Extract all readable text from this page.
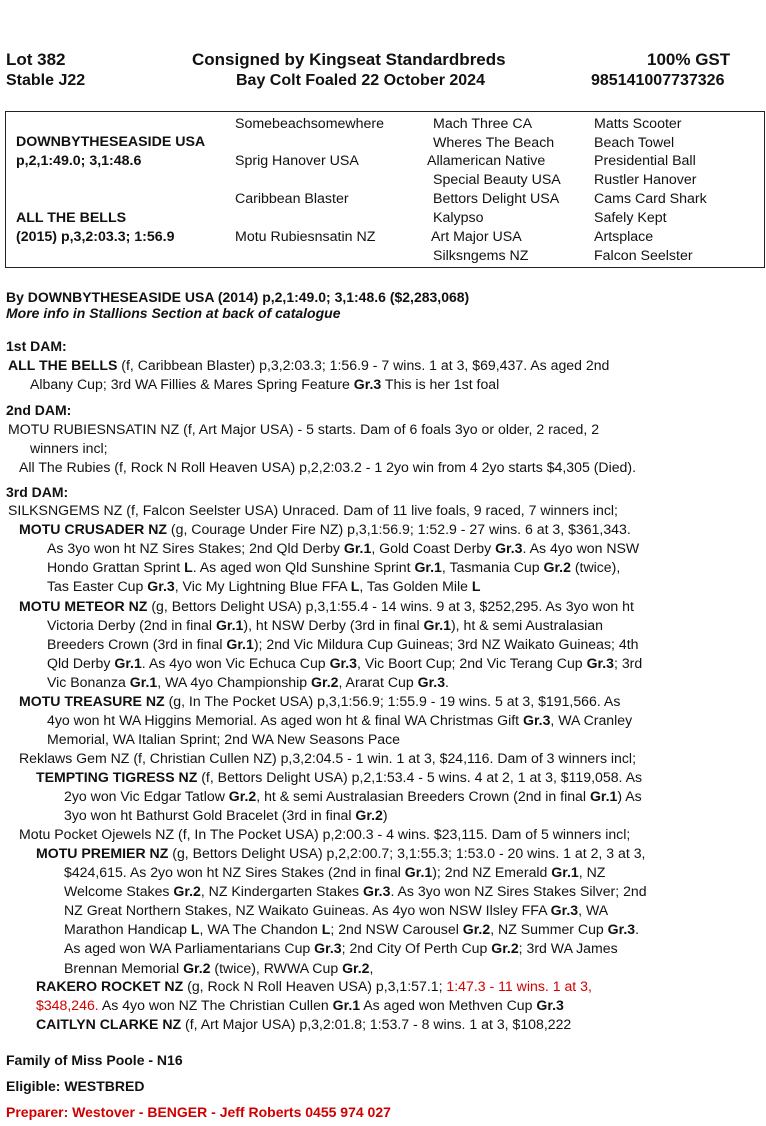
Lot 382
Stable J22
Consigned by Kingseat Standardbreds
Bay Colt Foaled 22 October 2024
100% GST
985141007737326
DOWNBYTHESEASIDE USA
p,2,1:49.0; 3,1:48.6
ALL THE BELLS
(2015) p,3,2:03.3; 1:56.9
Somebeachsomewhere
Sprig Hanover USA
Caribbean Blaster
Motu Rubiesnsatin NZ
Mach Three CA
Wheres The Beach
Allamerican Native
Special Beauty USA
Bettors Delight USA
Kalypso
Art Major USA
Silksngems NZ
Matts Scooter
Beach Towel
Presidential Ball
Rustler Hanover
Cams Card Shark
Safely Kept
Artsplace
Falcon Seelster
By DOWNBYTHESEASIDE USA (2014) p,2,1:49.0; 3,1:48.6 ($2,283,068)
More info in Stallions Section at back of catalogue
1st DAM:
ALL THE BELLS (f, Caribbean Blaster) p,3,2:03.3; 1:56.9 - 7 wins. 1 at 3, $69,437. As aged 2nd
Albany Cup; 3rd WA Fillies & Mares Spring Feature Gr.3 This is her 1st foal
2nd DAM:
MOTU RUBIESNSATIN NZ (f, Art Major USA) - 5 starts. Dam of 6 foals 3yo or older, 2 raced, 2
winners incl;
All The Rubies (f, Rock N Roll Heaven USA) p,2,2:03.2 - 1 2yo win from 4 2yo starts $4,305 (Died).
3rd DAM:
SILKSNGEMS NZ (f, Falcon Seelster USA) Unraced. Dam of 11 live foals, 9 raced, 7 winners incl;
MOTU CRUSADER NZ (g, Courage Under Fire NZ) p,3,1:56.9; 1:52.9 - 27 wins. 6 at 3, $361,343.
As 3yo won ht NZ Sires Stakes; 2nd Qld Derby Gr.1, Gold Coast Derby Gr.3. As 4yo won NSW
Hondo Grattan Sprint L. As aged won Qld Sunshine Sprint Gr.1, Tasmania Cup Gr.2 (twice),
Tas Easter Cup Gr.3, Vic My Lightning Blue FFA L, Tas Golden Mile L
MOTU METEOR NZ (g, Bettors Delight USA) p,3,1:55.4 - 14 wins. 9 at 3, $252,295. As 3yo won ht
Victoria Derby (2nd in final Gr.1), ht NSW Derby (3rd in final Gr.1), ht & semi Australasian
Breeders Crown (3rd in final Gr.1); 2nd Vic Mildura Cup Guineas; 3rd NZ Waikato Guineas; 4th
Qld Derby Gr.1. As 4yo won Vic Echuca Cup Gr.3, Vic Boort Cup; 2nd Vic Terang Cup Gr.3; 3rd
Vic Bonanza Gr.1, WA 4yo Championship Gr.2, Ararat Cup Gr.3.
MOTU TREASURE NZ (g, In The Pocket USA) p,3,1:56.9; 1:55.9 - 19 wins. 5 at 3, $191,566. As
4yo won ht WA Higgins Memorial. As aged won ht & final WA Christmas Gift Gr.3, WA Cranley
Memorial, WA Italian Sprint; 2nd WA New Seasons Pace
Reklaws Gem NZ (f, Christian Cullen NZ) p,3,2:04.5 - 1 win. 1 at 3, $24,116. Dam of 3 winners incl;
TEMPTING TIGRESS NZ (f, Bettors Delight USA) p,2,1:53.4 - 5 wins. 4 at 2, 1 at 3, $119,058. As
2yo won Vic Edgar Tatlow Gr.2, ht & semi Australasian Breeders Crown (2nd in final Gr.1) As
3yo won ht Bathurst Gold Bracelet (3rd in final Gr.2)
Motu Pocket Ojewels NZ (f, In The Pocket USA) p,2:00.3 - 4 wins. $23,115. Dam of 5 winners incl;
MOTU PREMIER NZ (g, Bettors Delight USA) p,2,2:00.7; 3,1:55.3; 1:53.0 - 20 wins. 1 at 2, 3 at 3,
$424,615. As 2yo won ht NZ Sires Stakes (2nd in final Gr.1); 2nd NZ Emerald Gr.1, NZ
Welcome Stakes Gr.2, NZ Kindergarten Stakes Gr.3. As 3yo won NZ Sires Stakes Silver; 2nd
NZ Great Northern Stakes, NZ Waikato Guineas. As 4yo won NSW Ilsley FFA Gr.3, WA
Marathon Handicap L, WA The Chandon L; 2nd NSW Carousel Gr.2, NZ Summer Cup Gr.3.
As aged won WA Parliamentarians Cup Gr.3; 2nd City Of Perth Cup Gr.2; 3rd WA James
Brennan Memorial Gr.2 (twice), RWWA Cup Gr.2,
RAKERO ROCKET NZ (g, Rock N Roll Heaven USA) p,3,1:57.1; 1:47.3 - 11 wins. 1 at 3,
$348,246. As 4yo won NZ The Christian Cullen Gr.1 As aged won Methven Cup Gr.3
CAITLYN CLARKE NZ (f, Art Major USA) p,3,2:01.8; 1:53.7 - 8 wins. 1 at 3, $108,222
Family of Miss Poole - N16
Eligible: WESTBRED
Preparer: Westover - BENGER - Jeff Roberts 0455 974 027
